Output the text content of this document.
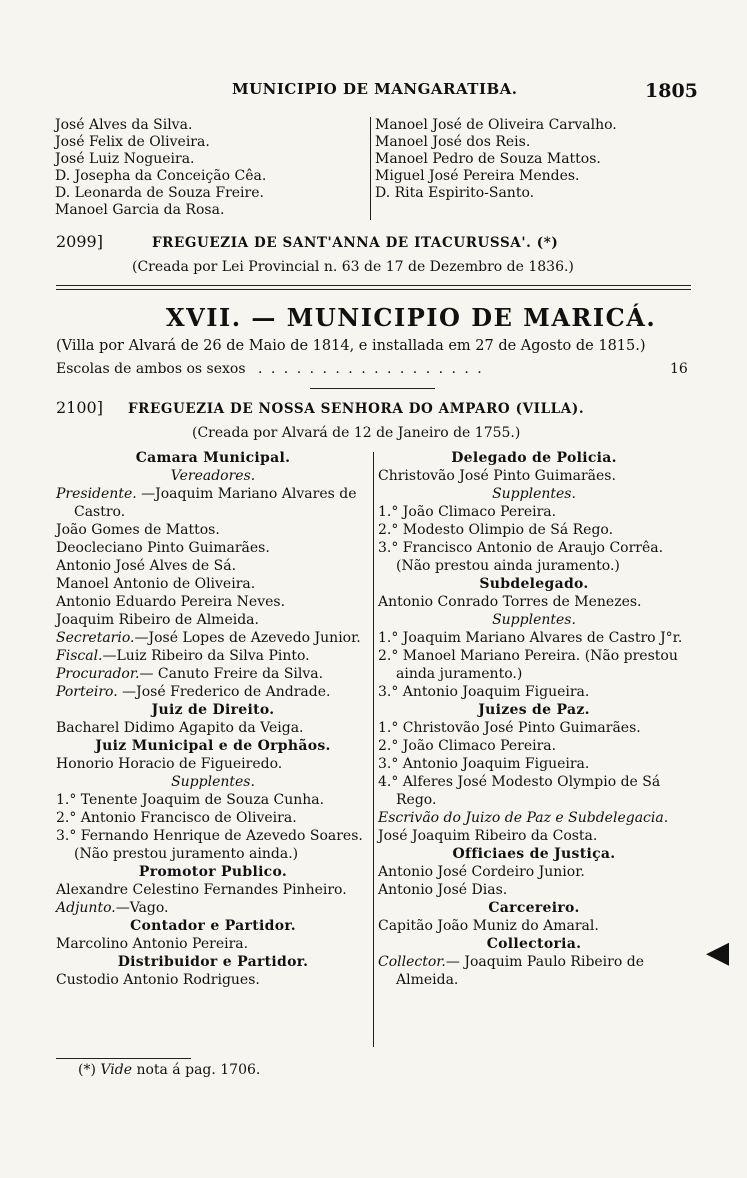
MUNICIPIO DE MANGARATIBA.	1805
José Alves da Silva.
José Felix de Oliveira.
José Luiz Nogueira.
D. Josepha da Conceição Cêa.
D. Leonarda de Souza Freire.
Manoel Garcia da Rosa.
Manoel José de Oliveira Carvalho.
Manoel José dos Reis.
Manoel Pedro de Souza Mattos.
Miguel José Pereira Mendes.
D. Rita Espirito-Santo.
2099]	FREGUEZIA DE SANT'ANNA DE ITACURUSSA'. (*)
(Creada por Lei Provincial n. 63 de 17 de Dezembro de 1836.)
XVII. — MUNICIPIO DE MARICÁ.
(Villa por Alvará de 26 de Maio de 1814, e installada em 27 de Agosto de 1815.)
Escolas de ambos os sexos . . . . . . . . . . . . . . . . . .	16
2100] FREGUEZIA DE NOSSA SENHORA DO AMPARO (VILLA).
(Creada por Alvará de 12 de Janeiro de 1755.)
Camara Municipal.
Vereadores.
Presidente. —Joaquim Mariano Alvares de
Castro.
João Gomes de Mattos.
Deocleciano Pinto Guimarães.
Antonio José Alves de Sá.
Manoel Antonio de Oliveira.
Antonio Eduardo Pereira Neves.
Joaquim Ribeiro de Almeida.
Secretario.—José Lopes de Azevedo Junior.
Fiscal.—Luiz Ribeiro da Silva Pinto.
Procurador.— Canuto Freire da Silva.
Porteiro. —José Frederico de Andrade.
Juiz de Direito.
Bacharel Didimo Agapito da Veiga.
Juiz Municipal e de Orphãos.
Honorio Horacio de Figueiredo.
Supplentes.
1.° Tenente Joaquim de Souza Cunha.
2.° Antonio Francisco de Oliveira.
3.° Fernando Henrique de Azevedo Soares.
(Não prestou juramento ainda.)
Promotor Publico.
Alexandre Celestino Fernandes Pinheiro.
Adjunto.—Vago.
Contador e Partidor.
Marcolino Antonio Pereira.
Distribuidor e Partidor.
Custodio Antonio Rodrigues.
Delegado de Policia.
Christovão José Pinto Guimarães.
Supplentes.
1.° João Climaco Pereira.
2.° Modesto Olimpio de Sá Rego.
3.° Francisco Antonio de Araujo Corrêa.
(Não prestou ainda juramento.)
Subdelegado.
Antonio Conrado Torres de Menezes.
Supplentes.
1.° Joaquim Mariano Alvares de Castro J°r.
2.° Manoel Mariano Pereira. (Não prestou
ainda juramento.)
3.° Antonio Joaquim Figueira.
Juizes de Paz.
1.° Christovão José Pinto Guimarães.
2.° João Climaco Pereira.
3.° Antonio Joaquim Figueira.
4.° Alferes José Modesto Olympio de Sá
Rego.
Escrivão do Juizo de Paz e Subdelegacia.
José Joaquim Ribeiro da Costa.
Officiaes de Justiça.
Antonio José Cordeiro Junior.
Antonio José Dias.
Carcereiro.
Capitão João Muniz do Amaral.
Collectoria.
Collector.— Joaquim Paulo Ribeiro de
Almeida.
(*) Vide nota á pag. 1706.
◀
